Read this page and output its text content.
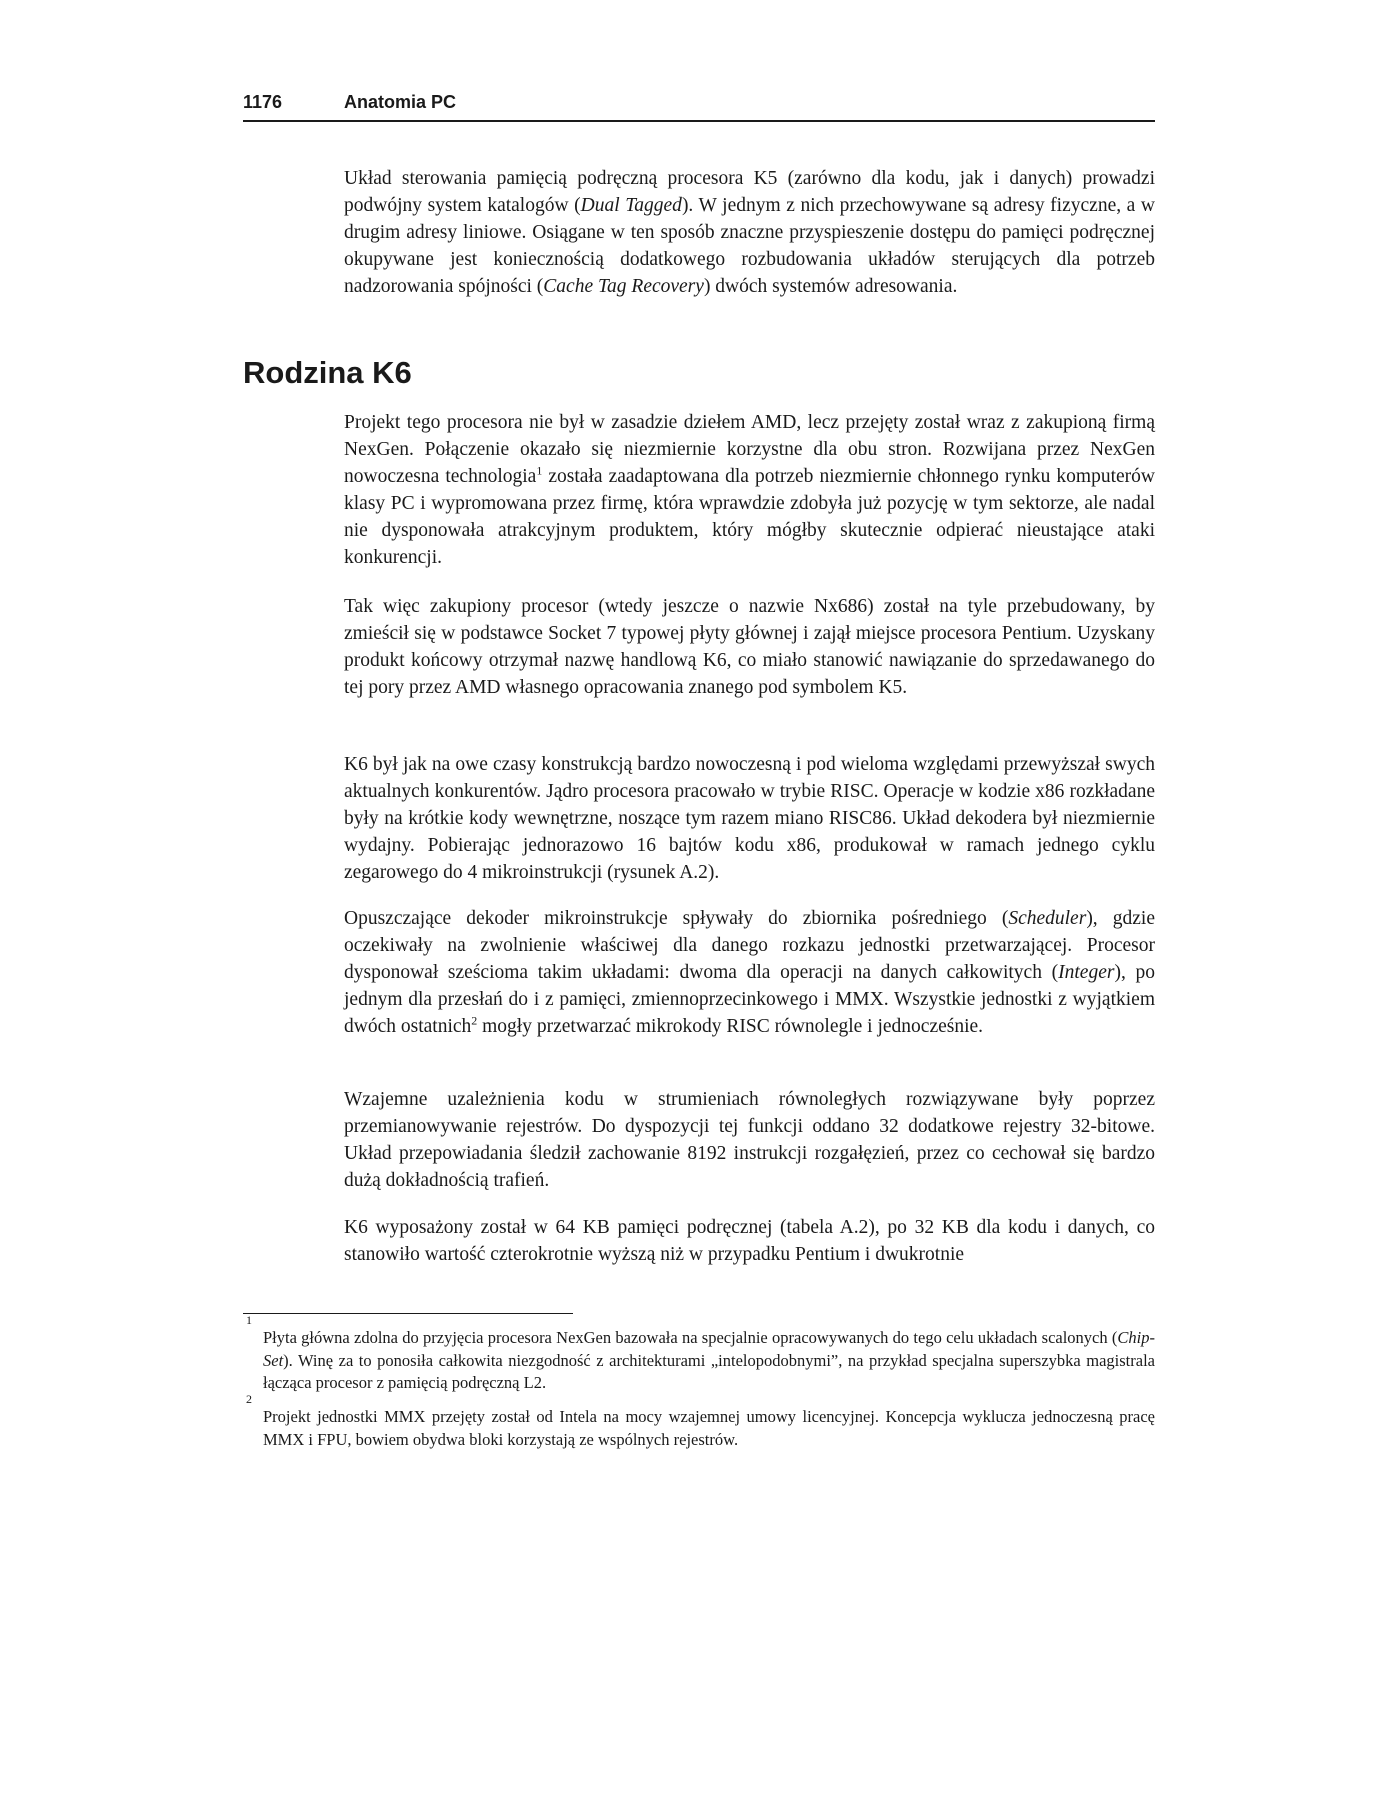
1176	Anatomia PC

Układ sterowania pamięcią podręczną procesora K5 (zarówno dla kodu, jak i danych) prowadzi podwójny system katalogów (Dual Tagged). W jednym z nich przechowywane są adresy fizyczne, a w drugim adresy liniowe. Osiągane w ten sposób znaczne przyspieszenie dostępu do pamięci podręcznej okupywane jest koniecznością dodatkowego rozbudowania układów sterujących dla potrzeb nadzorowania spójności (Cache Tag Recovery) dwóch systemów adresowania.

Rodzina K6

Projekt tego procesora nie był w zasadzie dziełem AMD, lecz przejęty został wraz z zakupioną firmą NexGen. Połączenie okazało się niezmiernie korzystne dla obu stron. Rozwijana przez NexGen nowoczesna technologia$^1$ została zaadaptowana dla potrzeb niezmiernie chłonnego rynku komputerów klasy PC i wypromowana przez firmę, która wprawdzie zdobyła już pozycję w tym sektorze, ale nadal nie dysponowała atrakcyjnym produktem, który mógłby skutecznie odpierać nieustające ataki konkurencji.

Tak więc zakupiony procesor (wtedy jeszcze o nazwie Nx686) został na tyle przebudowany, by zmieścił się w podstawce Socket 7 typowej płyty głównej i zajął miejsce procesora Pentium. Uzyskany produkt końcowy otrzymał nazwę handlową K6, co miało stanowić nawiązanie do sprzedawanego do tej pory przez AMD własnego opracowania znanego pod symbolem K5.

K6 był jak na owe czasy konstrukcją bardzo nowoczesną i pod wieloma względami przewyższał swych aktualnych konkurentów. Jądro procesora pracowało w trybie RISC. Operacje w kodzie x86 rozkładane były na krótkie kody wewnętrzne, noszące tym razem miano RISC86. Układ dekodera był niezmiernie wydajny. Pobierając jednorazowo 16 bajtów kodu x86, produkował w ramach jednego cyklu zegarowego do 4 mikroinstrukcji (rysunek A.2).

Opuszczające dekoder mikroinstrukcje spływały do zbiornika pośredniego (Scheduler), gdzie oczekiwały na zwolnienie właściwej dla danego rozkazu jednostki przetwarzającej. Procesor dysponował sześcioma takim układami: dwoma dla operacji na danych całkowitych (Integer), po jednym dla przesłań do i z pamięci, zmiennoprzecinkowego i MMX. Wszystkie jednostki z wyjątkiem dwóch ostatnich$^2$ mogły przetwarzać mikrokody RISC równolegle i jednocześnie.

Wzajemne uzależnienia kodu w strumieniach równoległych rozwiązywane były poprzez przemianowywanie rejestrów. Do dyspozycji tej funkcji oddano 32 dodatkowe rejestry 32-bitowe. Układ przepowiadania śledził zachowanie 8192 instrukcji rozgałęzień, przez co cechował się bardzo dużą dokładnością trafień.

K6 wyposażony został w 64 KB pamięci podręcznej (tabela A.2), po 32 KB dla kodu i danych, co stanowiło wartość czterokrotnie wyższą niż w przypadku Pentium i dwukrotnie

1
Płyta główna zdolna do przyjęcia procesora NexGen bazowała na specjalnie opracowywanych do tego celu układach scalonych (Chip-Set). Winę za to ponosiła całkowita niezgodność z architekturami „intelopodobnymi”, na przykład specjalna superszybka magistrala łącząca procesor z pamięcią podręczną L2.
2
Projekt jednostki MMX przejęty został od Intela na mocy wzajemnej umowy licencyjnej. Koncepcja wyklucza jednoczesną pracę MMX i FPU, bowiem obydwa bloki korzystają ze wspólnych rejestrów.
